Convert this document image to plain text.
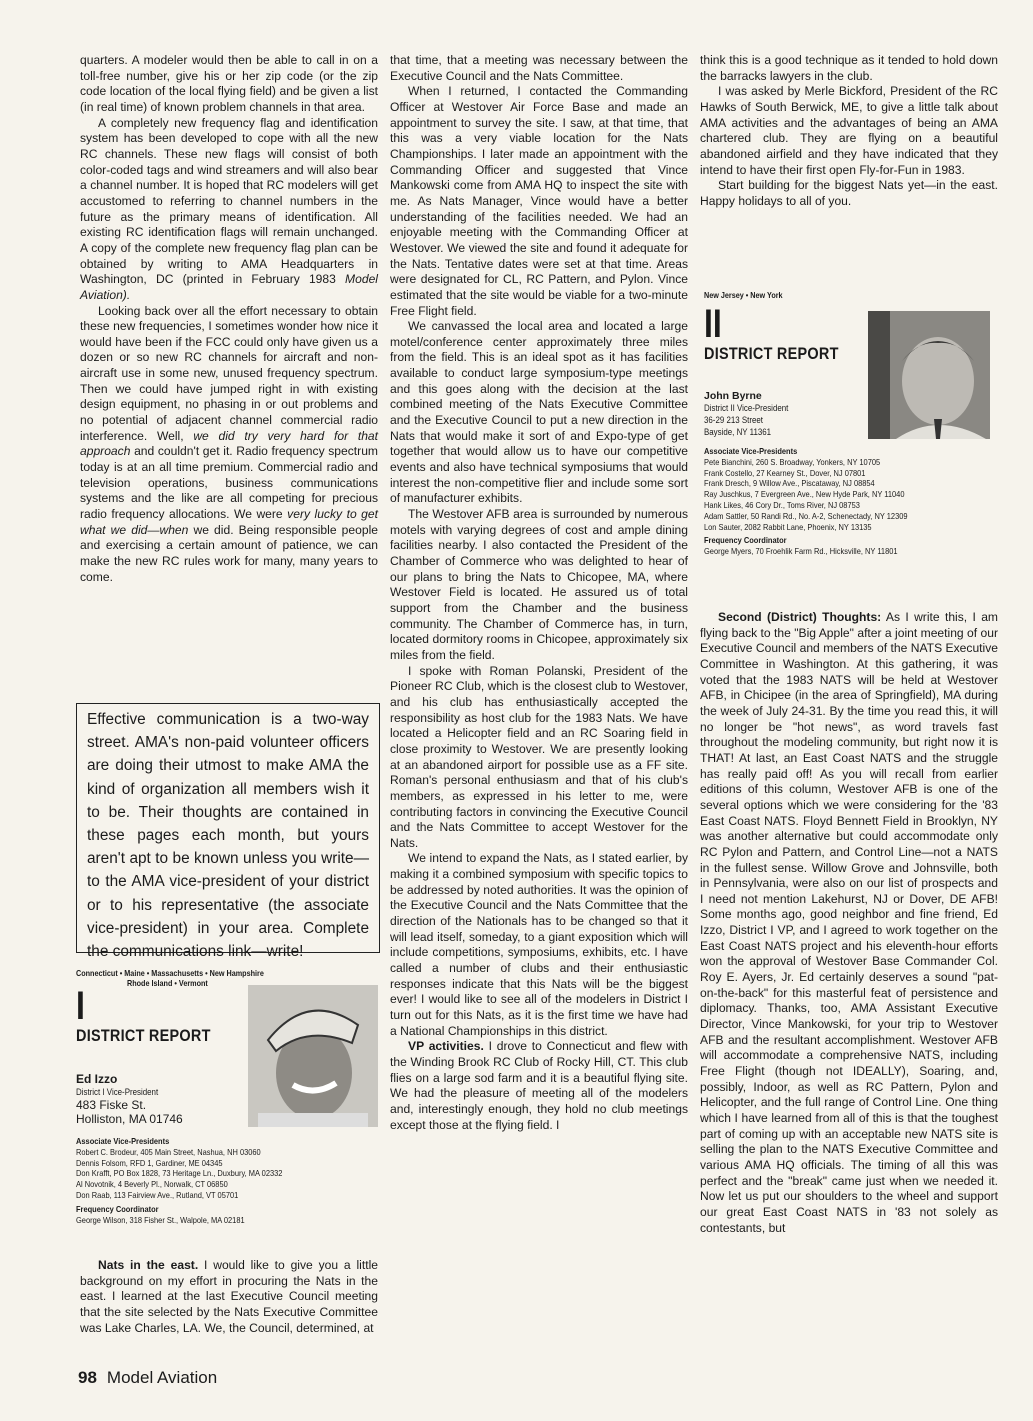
quarters. A modeler would then be able to call in on a toll-free number, give his or her zip code (or the zip code location of the local flying field) and be given a list (in real time) of known problem channels in that area.

A completely new frequency flag and identification system has been developed to cope with all the new RC channels. These new flags will consist of both color-coded tags and wind streamers and will also bear a channel number. It is hoped that RC modelers will get accustomed to referring to channel numbers in the future as the primary means of identification. All existing RC identification flags will remain unchanged. A copy of the complete new frequency flag plan can be obtained by writing to AMA Headquarters in Washington, DC (printed in February 1983 Model Aviation).

Looking back over all the effort necessary to obtain these new frequencies, I sometimes wonder how nice it would have been if the FCC could only have given us a dozen or so new RC channels for aircraft and non-aircraft use in some new, unused frequency spectrum. Then we could have jumped right in with existing design equipment, no phasing in or out problems and no potential of adjacent channel commercial radio interference. Well, we did try very hard for that approach and couldn't get it. Radio frequency spectrum today is at an all time premium. Commercial radio and television operations, business communications systems and the like are all competing for precious radio frequency allocations. We were very lucky to get what we did—when we did. Being responsible people and exercising a certain amount of patience, we can make the new RC rules work for many, many years to come.

Effective communication is a two-way street. AMA's non-paid volunteer officers are doing their utmost to make AMA the kind of organization all members wish it to be. Their thoughts are contained in these pages each month, but yours aren't apt to be known unless you write—to the AMA vice-president of your district or to his representative (the associate vice-president) in your area. Complete the communications link—write!
Connecticut • Maine • Massachusetts • New Hampshire
Rhode Island • Vermont
I
DISTRICT REPORT
Ed Izzo
District I Vice-President
483 Fiske St.
Holliston, MA 01746
Associate Vice-Presidents
Robert C. Brodeur, 405 Main Street, Nashua, NH 03060
Dennis Folsom, RFD 1, Gardiner, ME 04345
Don Krafft, PO Box 1828, 73 Heritage Ln., Duxbury, MA 02332
Al Novotnik, 4 Beverly Pl., Norwalk, CT 06850
Don Raab, 113 Fairview Ave., Rutland, VT 05701
Frequency Coordinator
George Wilson, 318 Fisher St., Walpole, MA 02181

Nats in the east. I would like to give you a little background on my effort in procuring the Nats in the east. I learned at the last Executive Council meeting that the site selected by the Nats Executive Committee was Lake Charles, LA. We, the Council, determined, at

that time, that a meeting was necessary between the Executive Council and the Nats Committee.

When I returned, I contacted the Commanding Officer at Westover Air Force Base and made an appointment to survey the site. I saw, at that time, that this was a very viable location for the Nats Championships. I later made an appointment with the Commanding Officer and suggested that Vince Mankowski come from AMA HQ to inspect the site with me. As Nats Manager, Vince would have a better understanding of the facilities needed. We had an enjoyable meeting with the Commanding Officer at Westover. We viewed the site and found it adequate for the Nats. Tentative dates were set at that time. Areas were designated for CL, RC Pattern, and Pylon. Vince estimated that the site would be viable for a two-minute Free Flight field.

We canvassed the local area and located a large motel/conference center approximately three miles from the field. This is an ideal spot as it has facilities available to conduct large symposium-type meetings and this goes along with the decision at the last combined meeting of the Nats Executive Committee and the Executive Council to put a new direction in the Nats that would make it sort of and Expo-type of get together that would allow us to have our competitive events and also have technical symposiums that would interest the non-competitive flier and include some sort of manufacturer exhibits.

The Westover AFB area is surrounded by numerous motels with varying degrees of cost and ample dining facilities nearby. I also contacted the President of the Chamber of Commerce who was delighted to hear of our plans to bring the Nats to Chicopee, MA, where Westover Field is located. He assured us of total support from the Chamber and the business community. The Chamber of Commerce has, in turn, located dormitory rooms in Chicopee, approximately six miles from the field.

I spoke with Roman Polanski, President of the Pioneer RC Club, which is the closest club to Westover, and his club has enthusiastically accepted the responsibility as host club for the 1983 Nats. We have located a Helicopter field and an RC Soaring field in close proximity to Westover. We are presently looking at an abandoned airport for possible use as a FF site. Roman's personal enthusiasm and that of his club's members, as expressed in his letter to me, were contributing factors in convincing the Executive Council and the Nats Committee to accept Westover for the Nats.

We intend to expand the Nats, as I stated earlier, by making it a combined symposium with specific topics to be addressed by noted authorities. It was the opinion of the Executive Council and the Nats Committee that the direction of the Nationals has to be changed so that it will lead itself, someday, to a giant exposition which will include competitions, symposiums, exhibits, etc. I have called a number of clubs and their enthusiastic responses indicate that this Nats will be the biggest ever! I would like to see all of the modelers in District I turn out for this Nats, as it is the first time we have had a National Championships in this district.

VP activities. I drove to Connecticut and flew with the Winding Brook RC Club of Rocky Hill, CT. This club flies on a large sod farm and it is a beautiful flying site. We had the pleasure of meeting all of the modelers and, interestingly enough, they hold no club meetings except those at the flying field. I

think this is a good technique as it tended to hold down the barracks lawyers in the club.

I was asked by Merle Bickford, President of the RC Hawks of South Berwick, ME, to give a little talk about AMA activities and the advantages of being an AMA chartered club. They are flying on a beautiful abandoned airfield and they have indicated that they intend to have their first open Fly-for-Fun in 1983.

Start building for the biggest Nats yet—in the east. Happy holidays to all of you.

New Jersey • New York
II
DISTRICT REPORT
John Byrne
District II Vice-President
36-29 213 Street
Bayside, NY 11361
Associate Vice-Presidents
Pete Bianchini, 260 S. Broadway, Yonkers, NY 10705
Frank Costello, 27 Kearney St., Dover, NJ 07801
Frank Dresch, 9 Willow Ave., Piscataway, NJ 08854
Ray Juschkus, 7 Evergreen Ave., New Hyde Park, NY 11040
Hank Likes, 46 Cory Dr., Toms River, NJ 08753
Adam Sattler, 50 Randi Rd., No. A-2, Schenectady, NY 12309
Lon Sauter, 2082 Rabbit Lane, Phoenix, NY 13135
Frequency Coordinator
George Myers, 70 Froehlik Farm Rd., Hicksville, NY 11801

Second (District) Thoughts: As I write this, I am flying back to the "Big Apple" after a joint meeting of our Executive Council and members of the NATS Executive Committee in Washington. At this gathering, it was voted that the 1983 NATS will be held at Westover AFB, in Chicipee (in the area of Springfield), MA during the week of July 24-31. By the time you read this, it will no longer be "hot news", as word travels fast throughout the modeling community, but right now it is THAT! At last, an East Coast NATS and the struggle has really paid off! As you will recall from earlier editions of this column, Westover AFB is one of the several options which we were considering for the '83 East Coast NATS. Floyd Bennett Field in Brooklyn, NY was another alternative but could accommodate only RC Pylon and Pattern, and Control Line—not a NATS in the fullest sense. Willow Grove and Johnsville, both in Pennsylvania, were also on our list of prospects and I need not mention Lakehurst, NJ or Dover, DE AFB! Some months ago, good neighbor and fine friend, Ed Izzo, District I VP, and I agreed to work together on the East Coast NATS project and his eleventh-hour efforts won the approval of Westover Base Commander Col. Roy E. Ayers, Jr. Ed certainly deserves a sound "pat-on-the-back" for this masterful feat of persistence and diplomacy. Thanks, too, AMA Assistant Executive Director, Vince Mankowski, for your trip to Westover AFB and the resultant accomplishment. Westover AFB will accommodate a comprehensive NATS, including Free Flight (though not IDEALLY), Soaring, and, possibly, Indoor, as well as RC Pattern, Pylon and Helicopter, and the full range of Control Line. One thing which I have learned from all of this is that the toughest part of coming up with an acceptable new NATS site is selling the plan to the NATS Executive Committee and various AMA HQ officials. The timing of all this was perfect and the "break" came just when we needed it. Now let us put our shoulders to the wheel and support our great East Coast NATS in '83 not solely as contestants, but

98 Model Aviation
